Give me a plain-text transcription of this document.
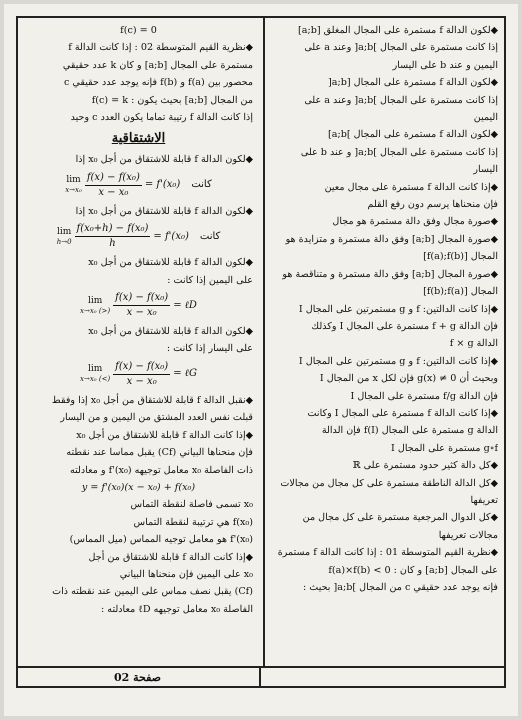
◆لكون الدالة f مستمرة على المجال المغلق [a;b]
إذا كانت مستمرة على المجال ]a;b[ وعند a على
اليمين و عند b على اليسار
◆لكون الدالة f مستمرة على المجال [a;b[
إذا كانت مستمرة على المجال ]a;b[ وعند a على
اليمين
◆لكون الدالة f مستمرة على المجال ]a;b]
إذا كانت مستمرة على المجال ]a;b[ و عند b على
اليسار
◆إذا كانت الدالة f مستمرة على مجال معين
فإن منحناها يرسم دون رفع القلم
◆صورة مجال وفق دالة مستمرة هو مجال
◆صورة المجال [a;b] وفق دالة مستمرة و متزايدة هو
المجال [f(a);f(b)]
◆صورة المجال [a;b] وفق دالة مستمرة و متناقصة هو
المجال [f(b);f(a)]
◆إذا كانت الدالتين: f و g مستمرتين على المجال I
فإن الدالة f + g مستمرة على المجال I وكذلك
الدالة f × g
◆إذا كانت الدالتين: f و g مستمرتين على المجال I
وبحيث أن g(x) ≠ 0 فإن لكل x من المجال I
فإن الدالة f/g مستمرة على المجال I
◆إذا كانت الدالة f مستمرة على المجال I وكانت
الدالة g مستمرة على المجال f(I) فإن الدالة
g∘f مستمرة على المجال I
◆كل دالة كثير حدود مستمرة على ℝ
◆كل الدالة الناطقة مستمرة على كل مجال من مجالات
تعريفها
◆كل الدوال المرجعية مستمرة على كل مجال من
مجالات تعريفها
◆نظرية القيم المتوسطة 01 : إذا كانت الدالة f مستمرة
على المجال [a;b] و كان : f(a)×f(b) < 0
فإنه يوجد عدد حقيقي c من المجال ]a;b[ بحيث :
f(c) = 0
◆نظرية القيم المتوسطة 02 : إذا كانت الدالة f
مستمرة على المجال [a;b] و كان k عدد حقيقي
محصور بين f(a) و f(b) فإنه يوجد عدد حقيقي c
من المجال [a;b] بحيث يكون : f(c) = k
إذا كانت الدالة f رتيبة تماما يكون العدد c وحيد
الاشتقاقية
◆لكون الدالة f قابلة للاشتقاق من أجل x₀ إذا
lim
$x\to x_0 \frac{\text{f(x) − f(x₀)}}{\text{x − x₀}} = f'(x_0)$ كانت
◆لكون الدالة f قابلة للاشتقاق من أجل x₀ إذا
lim
$h\to 0 \frac{\text{f(x₀+h) − f(x₀)}}{h} = f'(x_0)$ كانت
◆لكون الدالة f قابلة للاشتقاق من أجل x₀
على اليمين إذا كانت :
lim
x→x₀ (>) $\frac{\text{f(x) − f(x₀)}}{\text{x − x₀}}$ = ℓD
◆لكون الدالة f قابلة للاشتقاق من أجل x₀
على اليسار إذا كانت :
lim
x→x₀ (<) $\frac{\text{f(x) − f(x₀)}}{\text{x − x₀}}$ = ℓG
◆نقبل الدالة f قابلة للاشتقاق من أجل x₀ إذا وفقط
قبلت نفس العدد المشتق من اليمين و من اليسار
◆إذا كانت الدالة f قابلة للاشتقاق من أجل x₀
فإن منحناها البياني (Cf) يقبل مماسا عند نقطته
ذات الفاصلة x₀ معامل توجيهه f'(x₀) و معادلته
y = f'(x₀)(x − x₀) + f(x₀)
x₀ تسمى فاصلة لنقطة التماس
f(x₀) هي ترتيبة لنقطة التماس
f'(x₀) هو معامل توجيه المماس (ميل المماس)
◆إذا كانت الدالة f قابلة للاشتقاق من أجل
x₀ على اليمين فإن منحناها البياني
(Cf) يقبل نصف مماس على اليمين عند نقطته ذات
الفاصلة x₀ معامل توجيهه ℓD معادلته :
صفحة 02
